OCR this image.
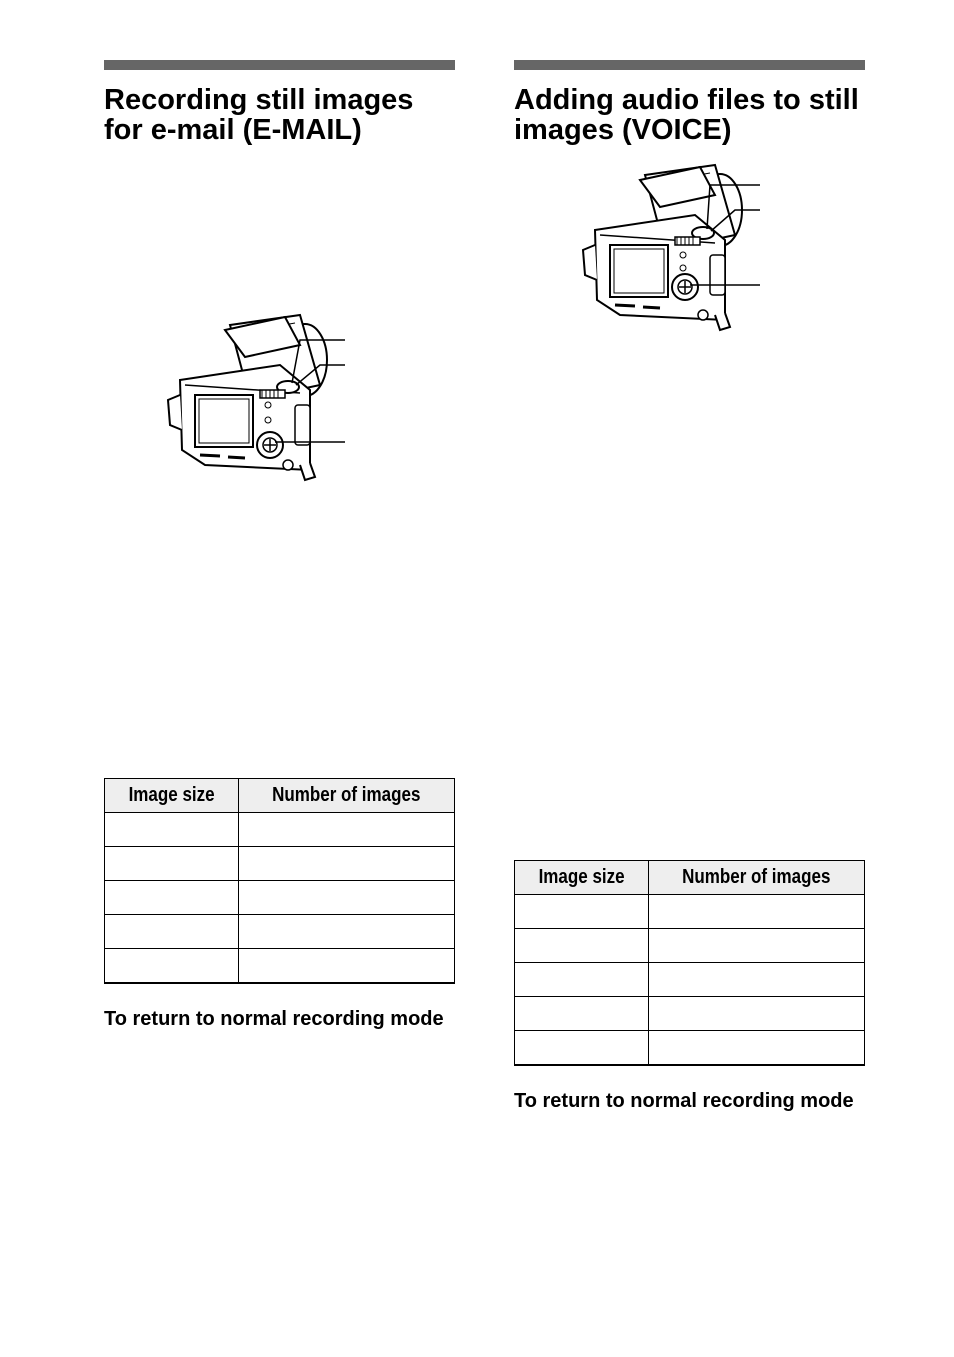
Recording still images for e-mail (E-MAIL)
Image size	Number of images

To return to normal recording mode
Adding audio files to still images (VOICE)
Image size	Number of images

To return to normal recording mode
